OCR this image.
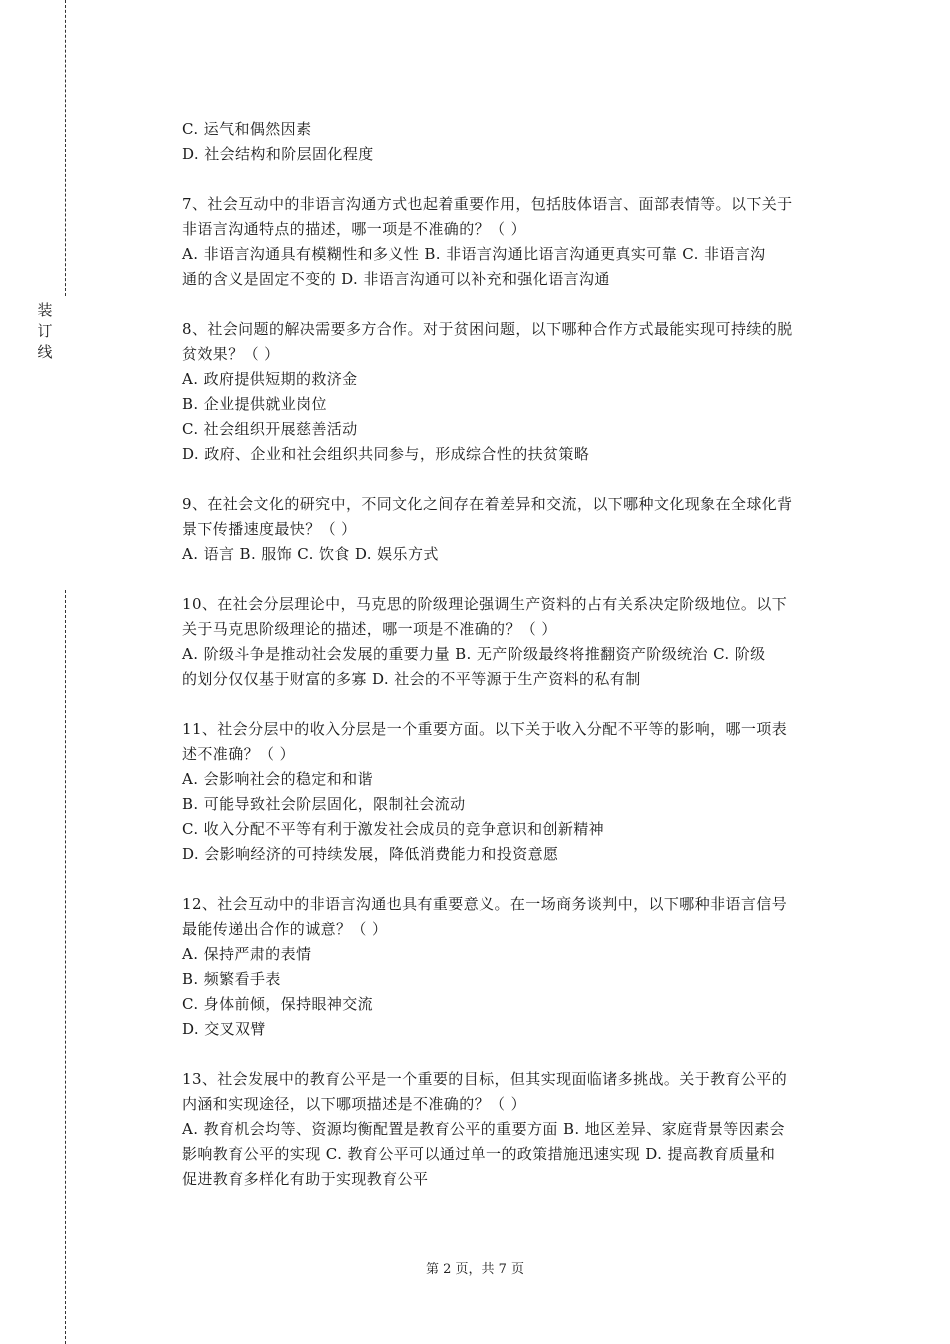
装
订
线
C. 运气和偶然因素
D. 社会结构和阶层固化程度
7、社会互动中的非语言沟通方式也起着重要作用，包括肢体语言、面部表情等。以下关于
非语言沟通特点的描述，哪一项是不准确的？（ ）
A. 非语言沟通具有模糊性和多义性 B. 非语言沟通比语言沟通更真实可靠 C. 非语言沟
通的含义是固定不变的 D. 非语言沟通可以补充和强化语言沟通
8、社会问题的解决需要多方合作。对于贫困问题，以下哪种合作方式最能实现可持续的脱
贫效果？（ ）
A. 政府提供短期的救济金
B. 企业提供就业岗位
C. 社会组织开展慈善活动
D. 政府、企业和社会组织共同参与，形成综合性的扶贫策略
9、在社会文化的研究中，不同文化之间存在着差异和交流，以下哪种文化现象在全球化背
景下传播速度最快？（ ）
A. 语言 B. 服饰 C. 饮食 D. 娱乐方式
10、在社会分层理论中，马克思的阶级理论强调生产资料的占有关系决定阶级地位。以下
关于马克思阶级理论的描述，哪一项是不准确的？（ ）
A. 阶级斗争是推动社会发展的重要力量 B. 无产阶级最终将推翻资产阶级统治 C. 阶级
的划分仅仅基于财富的多寡 D. 社会的不平等源于生产资料的私有制
11、社会分层中的收入分层是一个重要方面。以下关于收入分配不平等的影响，哪一项表
述不准确？（ ）
A. 会影响社会的稳定和和谐
B. 可能导致社会阶层固化，限制社会流动
C. 收入分配不平等有利于激发社会成员的竞争意识和创新精神
D. 会影响经济的可持续发展，降低消费能力和投资意愿
12、社会互动中的非语言沟通也具有重要意义。在一场商务谈判中，以下哪种非语言信号
最能传递出合作的诚意？（ ）
A. 保持严肃的表情
B. 频繁看手表
C. 身体前倾，保持眼神交流
D. 交叉双臂
13、社会发展中的教育公平是一个重要的目标，但其实现面临诸多挑战。关于教育公平的
内涵和实现途径，以下哪项描述是不准确的？（ ）
A. 教育机会均等、资源均衡配置是教育公平的重要方面 B. 地区差异、家庭背景等因素会
影响教育公平的实现 C. 教育公平可以通过单一的政策措施迅速实现 D. 提高教育质量和
促进教育多样化有助于实现教育公平
第 2 页，共 7 页
